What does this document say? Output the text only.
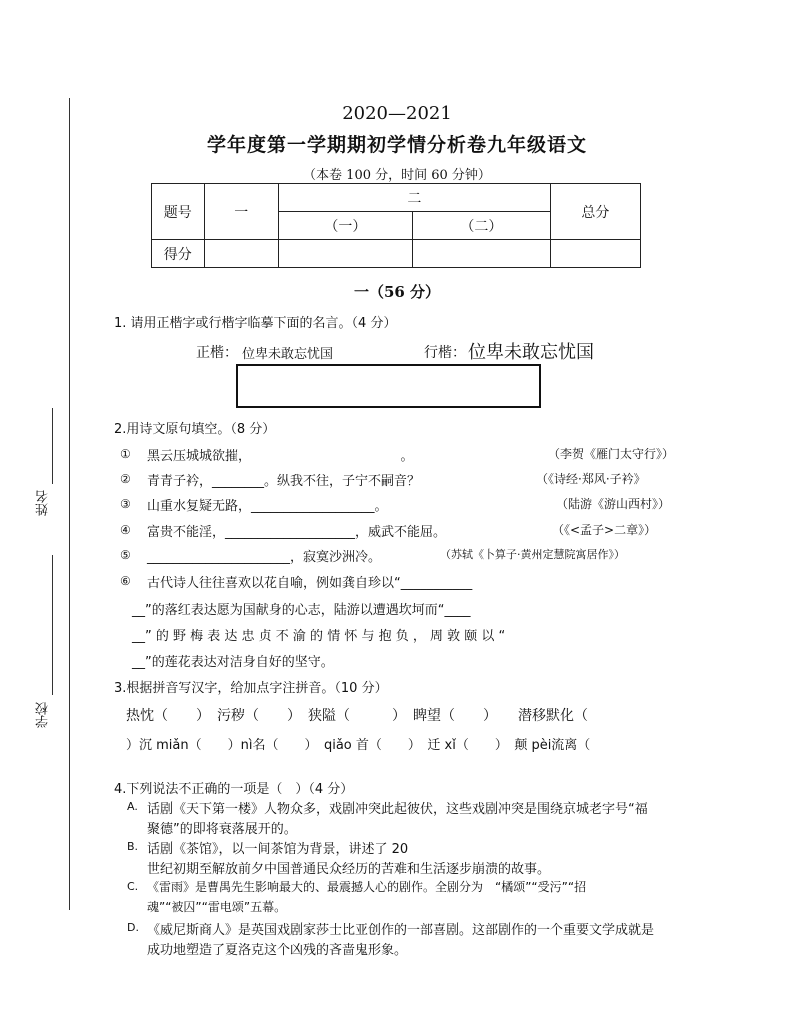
姓名
学校
2020—2021
学年度第一学期期初学情分析卷九年级语文
（本卷 100 分，时间 60 分钟）
题号	一	二		总分
		（一）	（二）	
得分				
一（56 分）
1. 请用正楷字或行楷字临摹下面的名言。（4 分）
正楷： 位卑未敢忘忧国	行楷： 位卑未敢忘忧国
2.用诗文原句填空。（8 分）
① 黑云压城城欲摧，　　　　　　　　　　　　。	（李贺《雁门太守行》）
② 青青子衿，________。纵我不往，子宁不嗣音？	（《诗经·郑风·子衿》
③ 山重水复疑无路，___________________。	（陆游《游山西村》）
④ 富贵不能淫，____________________，威武不能屈。	（《<孟子>二章》）
⑤ ______________________，寂寞沙洲冷。	（苏轼《卜算子·黄州定慧院寓居作》）
⑥ 古代诗人往往喜欢以花自喻，例如龚自珍以“___________
__”的落红表达愿为国献身的心志，陆游以遭遇坎坷而“____
__” 的 野 梅 表 达 忠 贞 不 渝 的 情 怀 与 抱 负 ， 周 敦 颐 以 “
__”的莲花表达对洁身自好的坚守。
3.根据拼音写汉字，给加点字注拼音。（10 分）
热忱（　　）　污秽（　　）　狭隘（　　　）　睥望（　　）　　潜移默化（
）沉 miǎn（　　）nì名（　　）　qiǎo 首（　　）　迁 xǐ（　　）　颠 pèi流离（
4.下列说法不正确的一项是（　）（4 分）
A. 话剧《天下第一楼》人物众多，戏剧冲突此起彼伏，这些戏剧冲突是围绕京城老字号“福
聚德”的即将衰落展开的。
B. 话剧《茶馆》，以一间茶馆为背景，讲述了 20
世纪初期至解放前夕中国普通民众经历的苦难和生活逐步崩溃的故事。
C. 《雷雨》是曹禺先生影响最大的、最震撼人心的剧作。全剧分为　“橘颂”“受污”“招
魂”“被囚”“雷电颂”五幕。
D. 《威尼斯商人》是英国戏剧家莎士比亚创作的一部喜剧。这部剧作的一个重要文学成就是
成功地塑造了夏洛克这个凶残的吝啬鬼形象。
